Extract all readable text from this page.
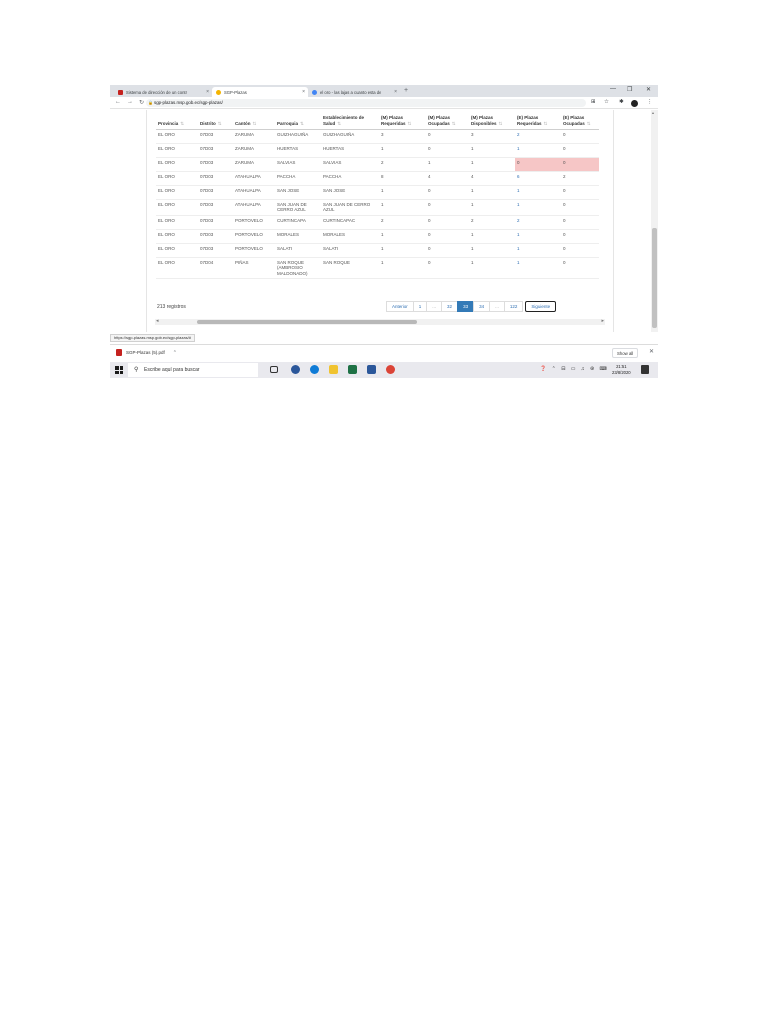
Sistema de dirección de un contr	×	SGP-Plazas	×	el oro - las lajas a cuanto esta de	× +	— ❐ ✕
← → ↻ 🔒 sgp-plazas.msp.gob.ec/sgp-plazas/	⊞ ☆ ✱	⋮
Provincia ⇅	Distrito ⇅	Cantón ⇅	Parroquia ⇅	Establecimiento de Salud ⇅	(M) Plazas Requeridas ⇅	(M) Plazas Ocupadas ⇅	(M) Plazas Disponibles ⇅	(E) Plazas Requeridas ⇅	(E) Plazas Ocupadas ⇅
EL ORO	07D03	ZARUMA	GUIZHAGUIÑA	GUIZHAGUIÑA	3	0	3	2	0
EL ORO	07D03	ZARUMA	HUERTAS	HUERTAS	1	0	1	1	0
EL ORO	07D03	ZARUMA	SALVIAS	SALVIAS	2	1	1	0	0
EL ORO	07D03	ATAHUALPA	PACCHA	PACCHA	8	4	4	6	2
EL ORO	07D03	ATAHUALPA	SAN JOSE	SAN JOSE	1	0	1	1	0
EL ORO	07D03	ATAHUALPA	SAN JUAN DE CERRO AZUL	SAN JUAN DE CERRO AZUL	1	0	1	1	0
EL ORO	07D03	PORTOVELO	CURTINCAPA	CURTINCAPAC	2	0	2	2	0
EL ORO	07D03	PORTOVELO	MORALES	MORALES	1	0	1	1	0
EL ORO	07D03	PORTOVELO	SALATI	SALATI	1	0	1	1	0
EL ORO	07D04	PIÑAS	SAN ROQUE (AMBROSIO MALDONADO)	SAN ROQUE	1	0	1	1	0
213 registros	Anterior	1	...	32	33	34	...	122	Siguiente
◂	▸
▴
https://sgp-plazas.msp.gob.ec/sgp-plazas/#
SGP-Plazas (5).pdf ⌃	Show all	✕
⚲ Escribe aquí para buscar	❓ ⌃ ⊟ ▭ ♫ ⊛ ⌨	21:51
23/8/2020
